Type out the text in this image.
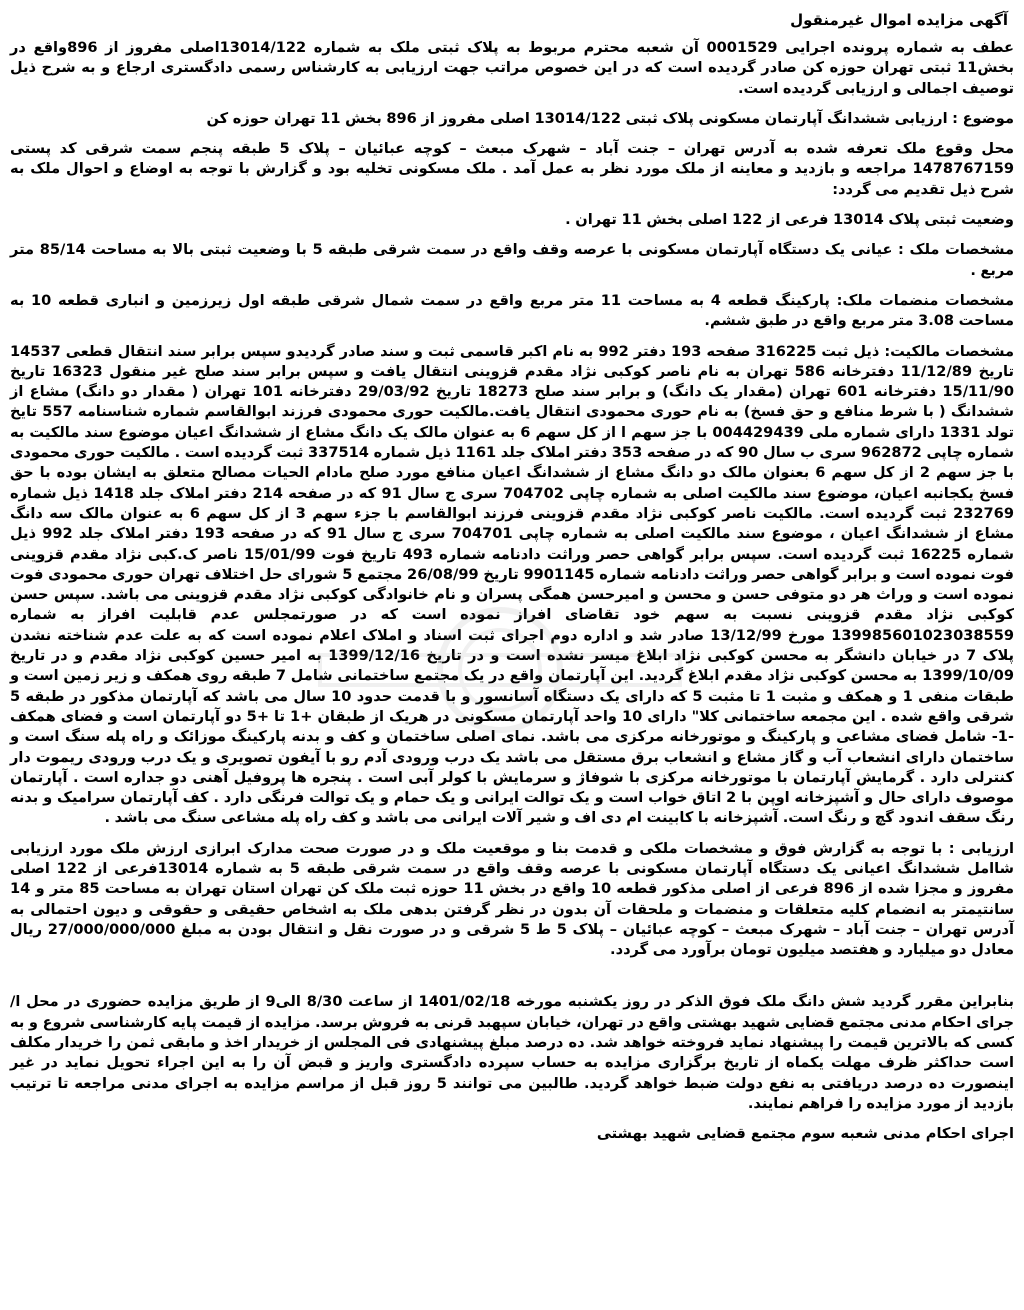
آگهی مزایده اموال غیرمنقول
عطف به شماره پرونده اجرایی 0001529 آن شعبه محترم مربوط به پلاک ثبتی ملک به شماره 13014/122اصلی مفروز از 896واقع در بخش11 ثبتی تهران حوزه کن صادر گردیده است که در این خصوص مراتب جهت ارزیابی به کارشناس رسمی دادگستری ارجاع و به شرح ذیل توصیف اجمالی و ارزیابی گردیده است.
موضوع : ارزیابی ششدانگ آپارتمان مسکونی پلاک ثبتی 13014/122 اصلی مفروز از 896 بخش 11 تهران حوزه کن
محل وقوع ملک تعرفه شده به آدرس تهران – جنت آباد – شهرک مبعث – کوچه عبائیان – پلاک 5 طبقه پنجم سمت شرقی کد پستی 1478767159 مراجعه و بازدید و معاینه از ملک مورد نظر به عمل آمد . ملک مسکونی تخلیه بود و گزارش با توجه به اوضاع و احوال ملک به شرح ذیل تقدیم می گردد:
وضعیت ثبتی پلاک 13014 فرعی از 122 اصلی بخش 11 تهران .
مشخصات ملک : عیانی یک دستگاه آپارتمان مسکونی با عرصه وقف واقع در سمت شرقی طبقه 5 با وضعیت ثبتی بالا به مساحت 85/14 متر مربع .
مشخصات منضمات ملک: پارکینگ قطعه 4 به مساحت 11 متر مربع واقع در سمت شمال شرقی طبقه اول زیرزمین و انباری قطعه 10 به مساحت 3.08 متر مربع واقع در طبق ششم.
مشخصات مالکیت: ذیل ثبت 316225 صفحه 193 دفتر 992 به نام اکبر قاسمی ثبت و سند صادر گردیدو سپس برابر سند انتقال قطعی 14537 تاریخ 11/12/89 دفترخانه 586 تهران به نام ناصر کوکبی نژاد مقدم قزوینی انتقال یافت و سپس برابر سند صلح غیر منقول 16323 تاریخ 15/11/90 دفترخانه 601 تهران (مقدار یک دانگ) و برابر سند صلح 18273 تاریخ 29/03/92 دفترخانه 101 تهران ( مقدار دو دانگ) مشاع از ششدانگ ( با شرط منافع و حق فسخ) به نام حوری محمودی انتقال یافت.مالکیت حوری محمودی فرزند ابوالقاسم شماره شناسنامه 557 تایخ تولد 1331 دارای شماره ملی 004429439 با جز سهم ا از کل سهم 6 به عنوان مالک یک دانگ مشاع از ششدانگ اعیان موضوع سند مالکیت به شماره چاپی 962872 سری ب سال 90 که در صفحه 353 دفتر املاک جلد 1161 ذیل شماره 337514 ثبت گردیده است . مالکیت حوری محمودی با جز سهم 2 از کل سهم 6 بعنوان مالک دو دانگ مشاع از ششدانگ اعیان منافع مورد صلح مادام الحیات مصالح متعلق به ایشان بوده با حق فسخ یکجانبه اعیان، موضوع سند مالکیت اصلی به شماره چاپی 704702 سری ج سال 91 که در صفحه 214 دفتر املاک جلد 1418 ذیل شماره 232769 ثبت گردیده است. مالکیت ناصر کوکبی نژاد مقدم قزوینی فرزند ابوالقاسم با جزء سهم 3 از کل سهم 6 به عنوان مالک سه دانگ مشاع از ششدانگ اعیان ، موضوع سند مالکیت اصلی به شماره چاپی 704701 سری ج سال 91 که در صفحه 193 دفتر املاک جلد 992 ذیل شماره 16225 ثبت گردیده است. سپس برابر گواهی حصر وراثت دادنامه شماره 493 تاریخ فوت 15/01/99 ناصر ک.کبی نژاد مقدم قزوینی فوت نموده است و برابر گواهی حصر وراثت دادنامه شماره 9901145 تاریخ 26/08/99 مجتمع 5 شورای حل اختلاف تهران حوری محمودی فوت نموده است و وراث هر دو متوفی حسن و محسن و امیرحسن همگی پسران و نام خانوادگی کوکبی نژاد مقدم قزوینی می باشد. سپس حسن کوکبی نژاد مقدم قزوینی نسبت به سهم خود تقاضای افراز نموده است که در صورتمجلس عدم قابلیت افراز به شماره 139985601023038559 مورخ 13/12/99 صادر شد و اداره دوم اجرای ثبت اسناد و املاک اعلام نموده است که به علت عدم شناخته نشدن پلاک 7 در خیابان دانشگر به محسن کوکبی نژاد ابلاغ میسر نشده است و در تاریخ 1399/12/16 به امیر حسین کوکبی نژاد مقدم و در تاریخ 1399/10/09 به محسن کوکبی نژاد مقدم ابلاغ گردید. این آپارتمان واقع در یک مجتمع ساختمانی شامل 7 طبقه روی همکف و زیر زمین است و طبقات منفی 1 و همکف و مثبت 1 تا مثبت 5 که دارای یک دستگاه آسانسور و با قدمت حدود 10 سال می باشد که آپارتمان مذکور در طبقه 5 شرقی واقع شده . این مجمعه ساختمانی کلا" دارای 10 واحد آپارتمان مسکونی در هریک از طبقان +1 تا +5 دو آپارتمان است و فضای همکف -1- شامل فضای مشاعی و پارکینگ و موتورخانه مرکزی می باشد. نمای اصلی ساختمان و کف و بدنه پارکینگ موزائک و راه پله سنگ است و ساختمان دارای انشعاب آب و گاز مشاع و انشعاب برق مستقل می باشد یک درب ورودی آدم رو با آیفون تصویری و یک درب ورودی ریموت دار کنترلی دارد . گرمایش آپارتمان با موتورخانه مرکزی با شوفاژ و سرمایش با کولر آبی است . پنجره ها پروفیل آهنی دو جداره است . آپارتمان موصوف دارای حال و آشپزخانه اوپن با 2 اتاق خواب است و یک توالت ایرانی و یک حمام و یک توالت فرنگی دارد . کف آپارتمان سرامیک و بدنه رنگ سقف اندود گچ و رنگ است. آشپزخانه با کابینت ام دی اف و شیر آلات ایرانی می باشد و کف راه پله مشاعی سنگ می باشد .
ارزیابی : با توجه به گزارش فوق و مشخصات ملکی و قدمت بنا و موقعیت ملک و در صورت صحت مدارک ابرازی ارزش ملک مورد ارزیابی شاامل ششدانگ اعیانی یک دستگاه آپارتمان مسکونی با عرصه وقف واقع در سمت شرقی طبقه 5 به شماره 13014فرعی از 122 اصلی مفروز و مجزا شده از 896 فرعی از اصلی مذکور قطعه 10 واقع در بخش 11 حوزه ثبت ملک کن تهران استان تهران به مساحت 85 متر و 14 سانتیمتر به انضمام کلیه متعلقات و منضمات و ملحقات آن بدون در نظر گرفتن بدهی ملک به اشخاص حقیقی و حقوقی و دیون احتمالی به آدرس تهران – جنت آباد – شهرک مبعث – کوچه عبائیان – پلاک 5 ط 5 شرقی و در صورت نقل و انتقال بودن به مبلغ 27/000/000/000 ریال معادل دو میلیارد و هفتصد میلیون تومان برآورد می گردد.
بنابراین مقرر گردید شش دانگ ملک فوق الذکر در روز یکشنبه مورخه 1401/02/18 از ساعت 8/30 الی9 از طریق مزایده حضوری در محل ا/جرای احکام مدنی مجتمع قضایی شهید بهشتی واقع در تهران، خیابان سپهبد قرنی به فروش برسد. مزایده از قیمت پایه کارشناسی شروع و به کسی که بالاترین قیمت را پیشنهاد نماید فروخته خواهد شد. ده درصد مبلغ پیشنهادی فی المجلس از خریدار اخذ و مابقی ثمن را خریدار مکلف است حداکثر ظرف مهلت یکماه از تاریخ برگزاری مزایده به حساب سپرده دادگستری واریز و قبض آن را به این اجراء تحویل نماید در غیر اینصورت ده درصد دریافتی به نفع دولت ضبط خواهد گردید. طالبین می توانند 5 روز قبل از مراسم مزایده به اجرای مدنی مراجعه تا ترتیب بازدید از مورد مزایده را فراهم نمایند.
اجرای احکام مدنی شعبه سوم مجتمع قضایی شهید بهشتی
